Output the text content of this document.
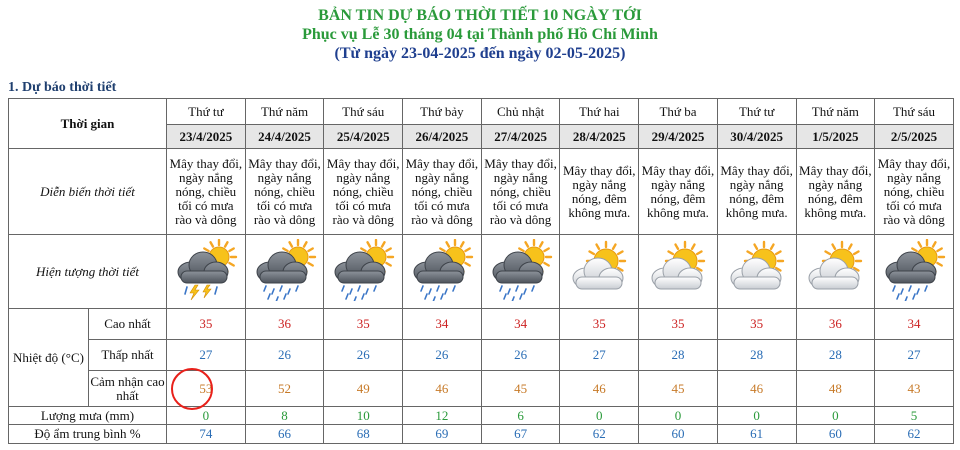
BẢN TIN DỰ BÁO THỜI TIẾT 10 NGÀY TỚI
Phục vụ Lễ 30 tháng 04 tại Thành phố Hồ Chí Minh
(Từ ngày 23-04-2025 đến ngày 02-05-2025)
1. Dự báo thời tiết
Thời gian		Thứ tư	Thứ năm	Thứ sáu	Thứ bảy	Chủ nhật	Thứ hai	Thứ ba	Thứ tư	Thứ năm	Thứ sáu
		23/4/2025	24/4/2025	25/4/2025	26/4/2025	27/4/2025	28/4/2025	29/4/2025	30/4/2025	1/5/2025	2/5/2025
Diễn biến thời tiết		Mây thay đổi, ngày nắng nóng, chiều tối có mưa rào và dông	Mây thay đổi, ngày nắng nóng, chiều tối có mưa rào và dông	Mây thay đổi, ngày nắng nóng, chiều tối có mưa rào và dông	Mây thay đổi, ngày nắng nóng, chiều tối có mưa rào và dông	Mây thay đổi, ngày nắng nóng, chiều tối có mưa rào và dông	Mây thay đổi, ngày nắng nóng, đêm không mưa.	Mây thay đổi, ngày nắng nóng, đêm không mưa.	Mây thay đổi, ngày nắng nóng, đêm không mưa.	Mây thay đổi, ngày nắng nóng, đêm không mưa.	Mây thay đổi, ngày nắng nóng, chiều tối có mưa rào và dông
Hiện tượng thời tiết										
Nhiệt độ (°C)	Cao nhất	35	36	35	34	34	35	35	35	36	34
	Thấp nhất	27	26	26	26	26	27	28	28	28	27
	Cảm nhận cao nhất	53	52	49	46	45	46	45	46	48	43
Lượng mưa (mm)		0	8	10	12	6	0	0	0	0	5
Độ ẩm trung bình %		74	66	68	69	67	62	60	61	60	62
